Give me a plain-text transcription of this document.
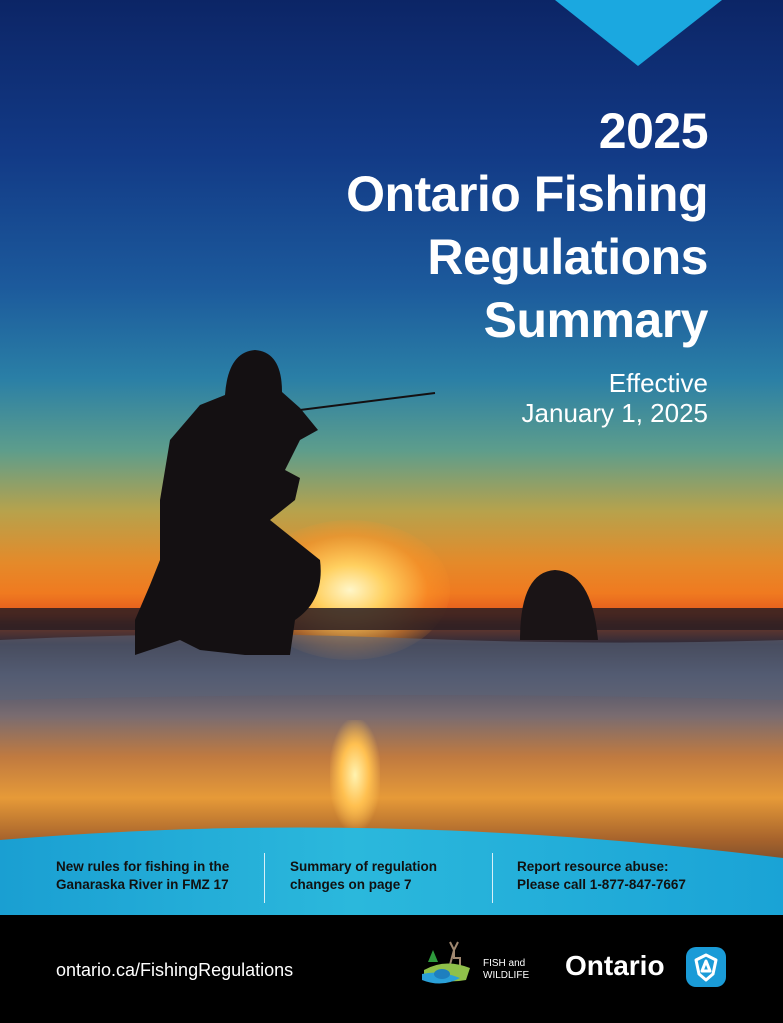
2025
Ontario Fishing
Regulations
Summary
Effective
January 1, 2025
New rules for fishing in the
Ganaraska River in FMZ 17
Summary of regulation
changes on page 7
Report resource abuse:
Please call 1-877-847-7667
ontario.ca/FishingRegulations	FISH and
WILDLIFE Ontario
